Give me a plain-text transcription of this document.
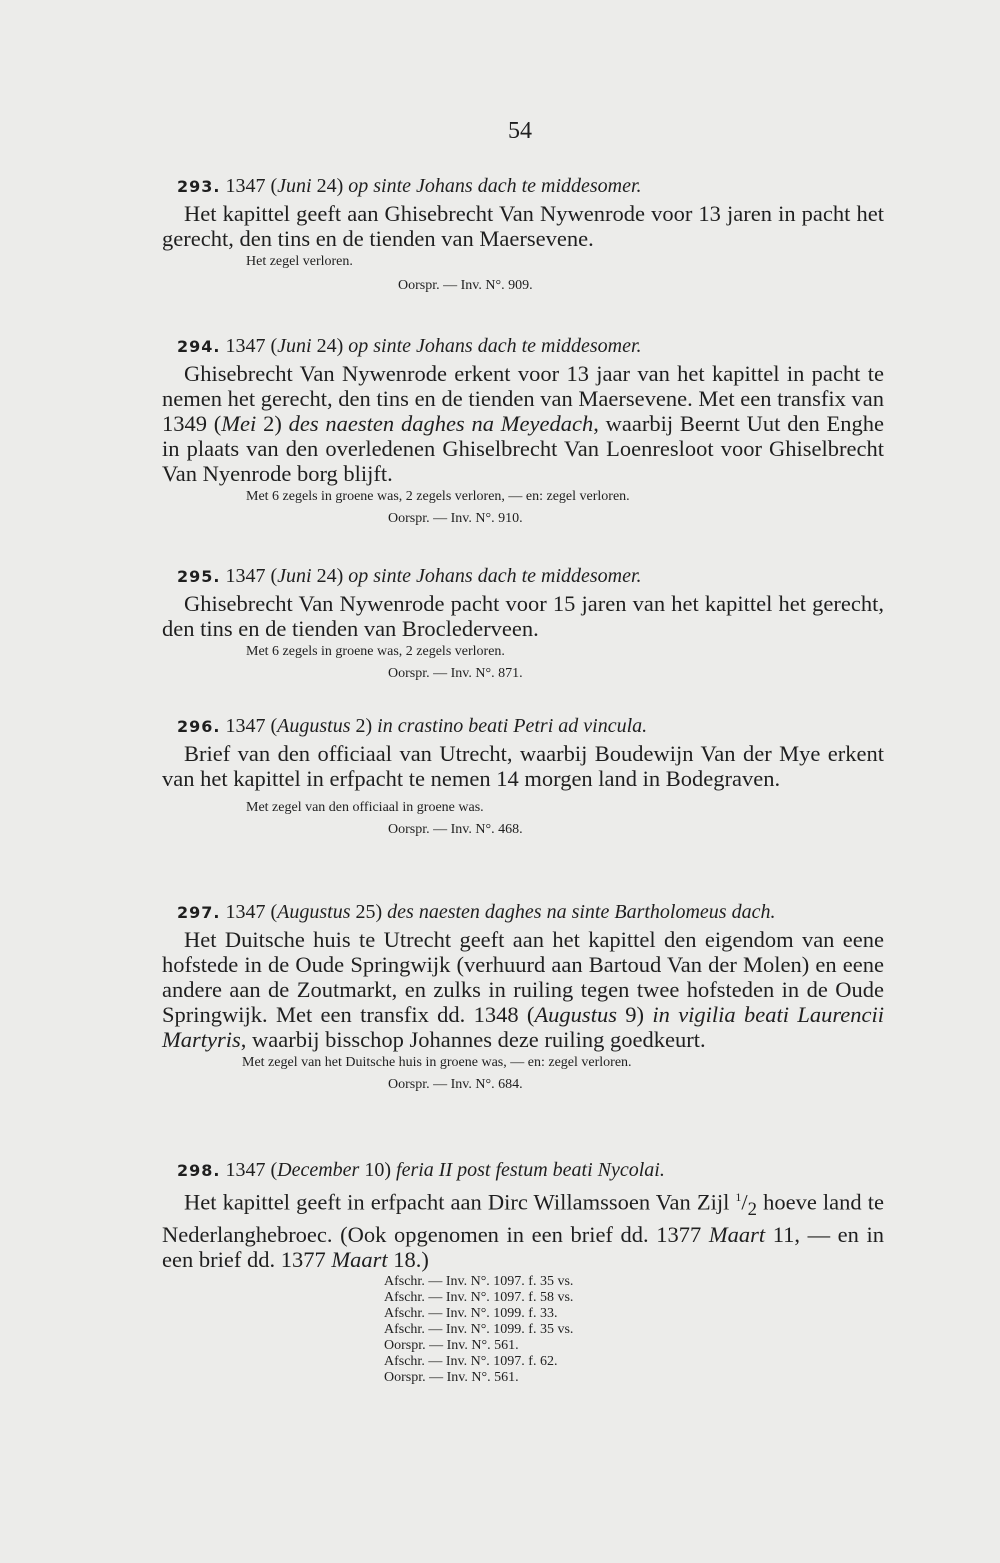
54
293. 1347 (Juni 24) op sinte Johans dach te middesomer.

Het kapittel geeft aan Ghisebrecht Van Nywenrode voor 13 jaren in pacht het gerecht, den tins en de tienden van Maersevene.

Het zegel verloren.
Oorspr. — Inv. N°. 909.
294. 1347 (Juni 24) op sinte Johans dach te middesomer.

Ghisebrecht Van Nywenrode erkent voor 13 jaar van het kapittel in pacht te nemen het gerecht, den tins en de tienden van Maersevene. Met een transfix van 1349 (Mei 2) des naesten daghes na Meyedach, waarbij Beernt Uut den Enghe in plaats van den overledenen Ghiselbrecht Van Loenresloot voor Ghiselbrecht Van Nyenrode borg blijft.

Met 6 zegels in groene was, 2 zegels verloren, — en: zegel verloren.
Oorspr. — Inv. N°. 910.
295. 1347 (Juni 24) op sinte Johans dach te middesomer.

Ghisebrecht Van Nywenrode pacht voor 15 jaren van het kapittel het gerecht, den tins en de tienden van Broclederveen.

Met 6 zegels in groene was, 2 zegels verloren.
Oorspr. — Inv. N°. 871.
296. 1347 (Augustus 2) in crastino beati Petri ad vincula.

Brief van den officiaal van Utrecht, waarbij Boudewijn Van der Mye erkent van het kapittel in erfpacht te nemen 14 morgen land in Bodegraven.

Met zegel van den officiaal in groene was.
Oorspr. — Inv. N°. 468.
297. 1347 (Augustus 25) des naesten daghes na sinte Bartholomeus dach.

Het Duitsche huis te Utrecht geeft aan het kapittel den eigendom van eene hofstede in de Oude Springwijk (verhuurd aan Bartoud Van der Molen) en eene andere aan de Zoutmarkt, en zulks in ruiling tegen twee hofsteden in de Oude Springwijk. Met een transfix dd. 1348 (Augustus 9) in vigilia beati Laurencii Martyris, waarbij bisschop Johannes deze ruiling goedkeurt.

Met zegel van het Duitsche huis in groene was, — en: zegel verloren.
Oorspr. — Inv. N°. 684.
298. 1347 (December 10) feria II post festum beati Nycolai.

Het kapittel geeft in erfpacht aan Dirc Willamssoen Van Zijl $^1/_2$ hoeve land te Nederlanghebroec. (Ook opgenomen in een brief dd. 1377 Maart 11, — en in een brief dd. 1377 Maart 18.)

Afschr. — Inv. N°. 1097. f. 35 vs.
Afschr. — Inv. N°. 1097. f. 58 vs.
Afschr. — Inv. N°. 1099. f. 33.
Afschr. — Inv. N°. 1099. f. 35 vs.
Oorspr. — Inv. N°. 561.
Afschr. — Inv. N°. 1097. f. 62.
Oorspr. — Inv. N°. 561.
